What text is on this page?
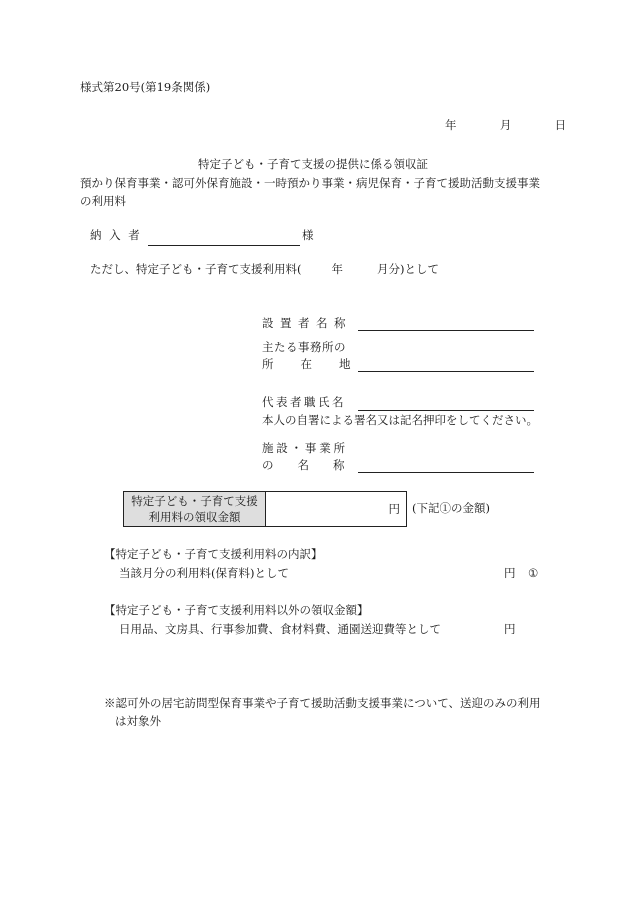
様式第20号(第19条関係)
年	月	日
特定子ども・子育て支援の提供に係る領収証
預かり保育事業・認可外保育施設・一時預かり事業・病児保育・子育て援助活動支援事業
の利用料
納 入 者	様
ただし、特定子ども・子育て支援利用料(	年	月分)として
設置者名称
主たる事務所の
所在地
代表者職氏名
本人の自署による署名又は記名押印をしてください。
施設・事業所
の名称
特定子ども・子育て支援
利用料の領収金額
円 (下記①の金額)
【特定子ども・子育て支援利用料の内訳】
当該月分の利用料(保育料)として	円 ①
【特定子ども・子育て支援利用料以外の領収金額】
日用品、文房具、行事参加費、食材料費、通園送迎費等として	円
※認可外の居宅訪問型保育事業や子育て援助活動支援事業について、送迎のみの利用
は対象外
